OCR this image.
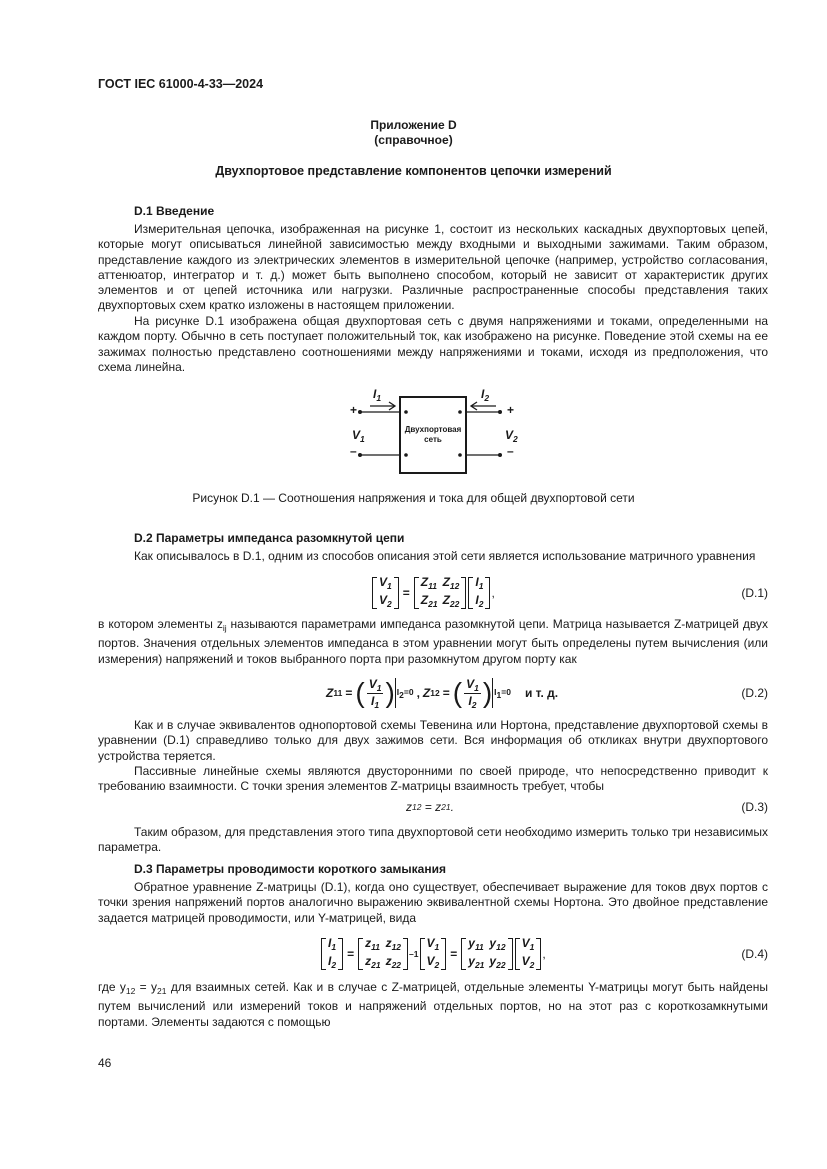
ГОСТ IEC 61000-4-33—2024
Приложение D
(справочное)
Двухпортовое представление компонентов цепочки измерений
D.1 Введение

Измерительная цепочка, изображенная на рисунке 1, состоит из нескольких каскадных двухпортовых цепей, которые могут описываться линейной зависимостью между входными и выходными зажимами. Таким образом, представление каждого из электрических элементов в измерительной цепочке (например, устройство согласования, аттенюатор, интегратор и т. д.) может быть выполнено способом, который не зависит от характеристик других элементов и от цепей источника или нагрузки. Различные распространенные способы представления таких двухпортовых схем кратко изложены в настоящем приложении.

На рисунке D.1 изображена общая двухпортовая сеть с двумя напряжениями и токами, определенными на каждом порту. Обычно в сеть поступает положительный ток, как изображено на рисунке. Поведение этой схемы на ее зажимах полностью представлено соотношениями между напряжениями и токами, исходя из предположения, что схема линейна.

$I_1$	$I_2$
+	+
–	–
$V_1$	$V_2$
Двухпортовая
сеть
Рисунок D.1 — Соотношения напряжения и тока для общей двухпортовой сети
D.2 Параметры импеданса разомкнутой цепи

Как описывалось в D.1, одним из способов описания этой сети является использование матричного уравнения

$V_1$
$V_2$
=
$Z_{11}$ $Z_{12}$
$Z_{21}$ $Z_{22}$
$I_1$
$I_2$
,	(D.1)

в котором элементы $z_{ij}$ называются параметрами импеданса разомкнутой цепи. Матрица называется Z-матрицей двух портов. Значения отдельных элементов импеданса в этом уравнении могут быть определены путем вычисления (или измерения) напряжений и токов выбранного порта при разомкнутом другом порту как

Z 11 = ( $\frac{V_1}{I_1}$ ) $I_2=0$ , Z 12 = ( $\frac{V_1}{I_2}$ ) $I_1=0$ и т. д.	(D.2)

Как и в случае эквивалентов однопортовой схемы Тевенина или Нортона, представление двухпортовой схемы в уравнении (D.1) справедливо только для двух зажимов сети. Вся информация об откликах внутри двухпортового устройства теряется.

Пассивные линейные схемы являются двусторонними по своей природе, что непосредственно приводит к требованию взаимности. С точки зрения элементов Z-матрицы взаимность требует, чтобы

z 12 = z 21 .	(D.3)

Таким образом, для представления этого типа двухпортовой сети необходимо измерить только три независимых параметра.

D.3 Параметры проводимости короткого замыкания

Обратное уравнение Z-матрицы (D.1), когда оно существует, обеспечивает выражение для токов двух портов с точки зрения напряжений портов аналогично выражению эквивалентной схемы Нортона. Это двойное представление задается матрицей проводимости, или Y-матрицей, вида

$I_1$
$I_2$
=
$z_{11}$ $z_{12}$
$z_{21}$ $z_{22}$
–1
$V_1$
$V_2$
=
$y_{11}$ $y_{12}$
$y_{21}$ $y_{22}$
$V_1$
$V_2$
,	(D.4)

где $y_{12} = y_{21}$ для взаимных сетей. Как и в случае с Z-матрицей, отдельные элементы Y-матрицы могут быть найдены путем вычислений или измерений токов и напряжений отдельных портов, но на этот раз с короткозамкнутыми портами. Элементы задаются с помощью

46
